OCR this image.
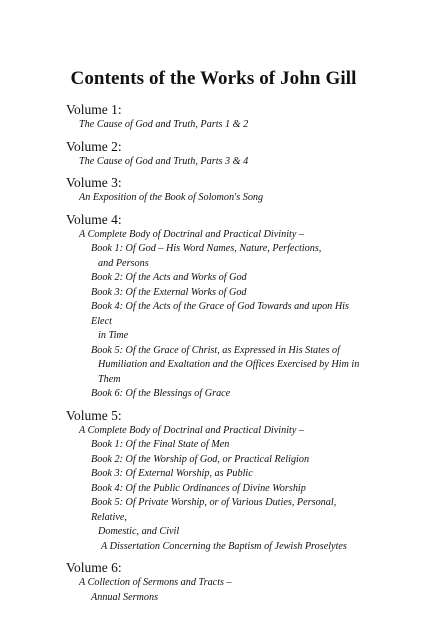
Contents of the Works of John Gill
Volume 1:
The Cause of God and Truth, Parts 1 & 2
Volume 2:
The Cause of God and Truth, Parts 3 & 4
Volume 3:
An Exposition of the Book of Solomon's Song
Volume 4:
A Complete Body of Doctrinal and Practical Divinity –
Book 1: Of God – His Word Names, Nature, Perfections,
and Persons
Book 2: Of the Acts and Works of God
Book 3: Of the External Works of God
Book 4: Of the Acts of the Grace of God Towards and upon His Elect
in Time
Book 5: Of the Grace of Christ, as Expressed in His States of
Humiliation and Exaltation and the Offices Exercised by Him in
Them
Book 6: Of the Blessings of Grace
Volume 5:
A Complete Body of Doctrinal and Practical Divinity –
Book 1: Of the Final State of Men
Book 2: Of the Worship of God, or Practical Religion
Book 3: Of External Worship, as Public
Book 4: Of the Public Ordinances of Divine Worship
Book 5: Of Private Worship, or of Various Duties, Personal, Relative,
Domestic, and Civil
A Dissertation Concerning the Baptism of Jewish Proselytes
Volume 6:
A Collection of Sermons and Tracts –
Annual Sermons
